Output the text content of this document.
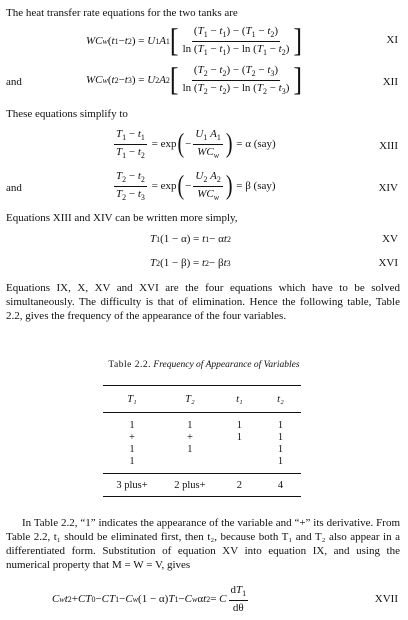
The heat transfer rate equations for the two tanks are
WC w ( t 1 − t 2 ) = U 1 A 1 [ $\frac{(T_1 - t_1) - (T_1 - t_2)}{\ln (T_1 - t_1) - \ln (T_1 - t_2)}$ ]	XI
and	WC w ( t 2 − t 3 ) = U 2 A 2 [ $\frac{(T_2 - t_2) - (T_2 - t_3)}{\ln (T_2 - t_2) - \ln (T_2 - t_3)}$ ]	XII
These equations simplify to
$\frac{T_1 - t_1}{T_1 - t_2} = \exp$ ( − $\frac{U_1 A_1}{WC_w}$ )
= α (say)	XIII
and	$\frac{T_2 - t_2}{T_2 - t_3} = \exp$ ( − $\frac{U_2 A_2}{WC_w}$ )
= β (say)	XIV
Equations XIII and XIV can be written more simply,
T 1 (1 − α) = t 1 − α t 2	XV
T 2 (1 − β) = t 2 − β t 3	XVI
Equations IX, X, XV and XVI are the four equations which have to be solved simultaneously. The difficulty is that of elimination. Hence the following table, Table 2.2, gives the frequency of the appearance of the four variables.
Table 2.2. Frequency of Appearance of Variables
T₁	T₂	t₁	t₂
1	1	1	1
+	+	1	1
1	1		1
1			1
3 plus+	2 plus+	2	4
In Table 2.2, “1” indicates the appearance of the variable and “+” its derivative. From Table 2.2, t₁ should be eliminated first, then t₂, because both T₁ and T₂ also appear in a differentiated form. Substitution of equation XV into equation IX, and using the numerical property that M = W = V, gives
C w t 2 + CT 0 − CT 1 − C w (1 − α) T 1 − C w α t 2 = C $\frac{dT_1}{d\theta}$	XVII
